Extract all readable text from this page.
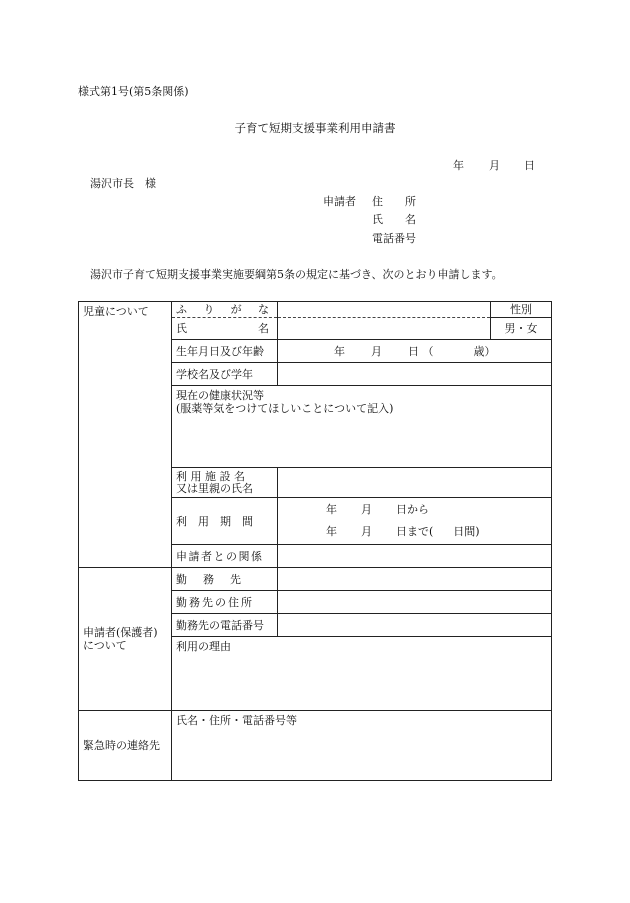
様式第1号(第5条関係)
子育て短期支援事業利用申請書
年 月 日
湯沢市長　様
申請者 住　　所
氏　　名
電話番号
湯沢市子育て短期支援事業実施要綱第5条の規定に基づき、次のとおり申請します。
児童について	ふ り が な		性別

	氏 名		男・女
	生年月日及び年齢	年 月 日 （ 歳）	
	学校名及び学年		

	現在の健康状況等
(服薬等気をつけてほしいことについて記入)		

	利用施設名
又は里親の氏名		

	利用期間	年 月 日から
年 月 日まで( 日間)	

	申請者との関係		

申請者(保護者)
について	勤務先		
	勤務先の住所		
	勤務先の電話番号		

	利用の理由		

緊急時の連絡先	氏名・住所・電話番号等		
